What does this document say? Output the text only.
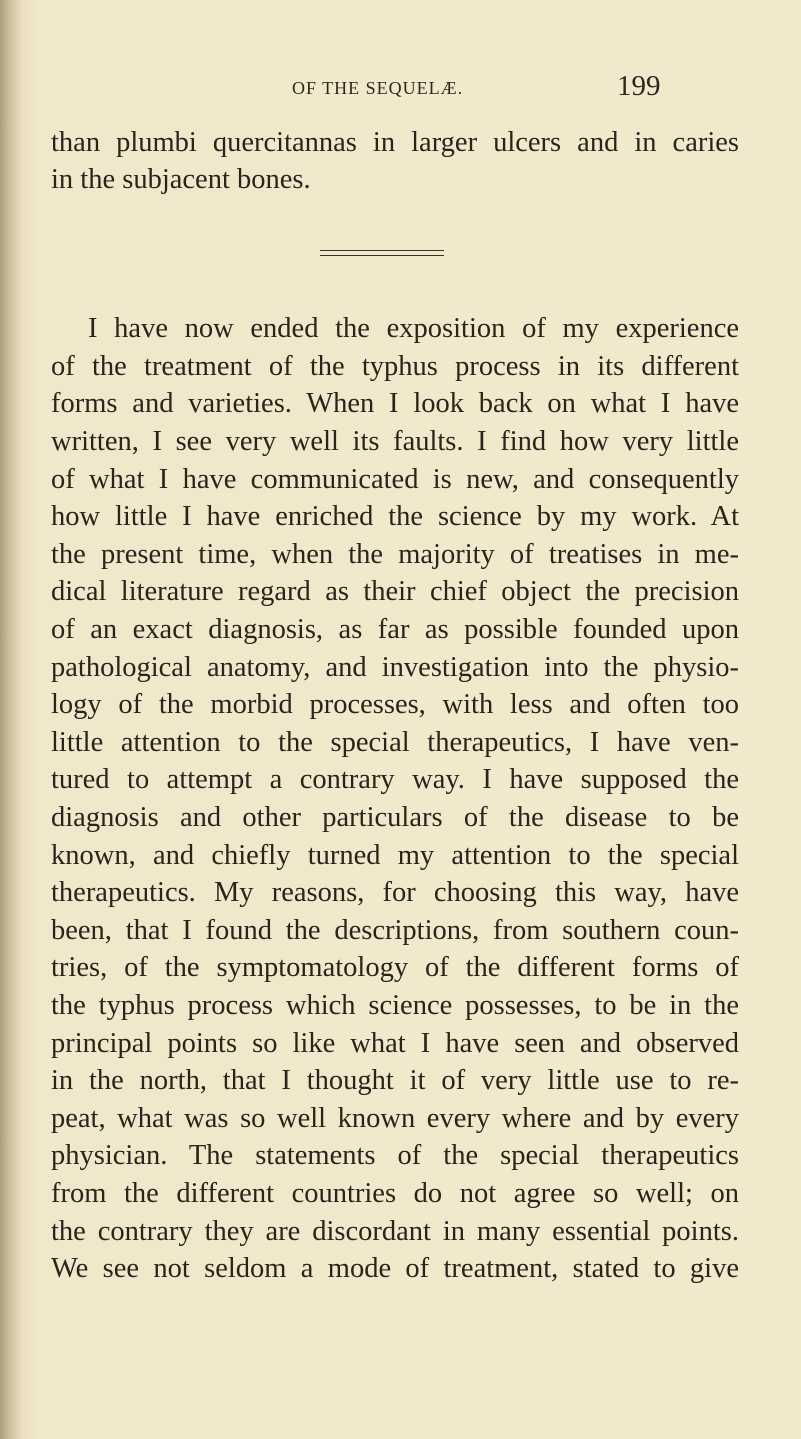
OF THE SEQUELÆ.	199
than plumbi quercitannas in larger ulcers and in caries
in the subjacent bones.
I have now ended the exposition of my experience
of the treatment of the typhus process in its different
forms and varieties. When I look back on what I have
written, I see very well its faults. I find how very little
of what I have communicated is new, and consequently
how little I have enriched the science by my work. At
the present time, when the majority of treatises in me-
dical literature regard as their chief object the precision
of an exact diagnosis, as far as possible founded upon
pathological anatomy, and investigation into the physio-
logy of the morbid processes, with less and often too
little attention to the special therapeutics, I have ven-
tured to attempt a contrary way. I have supposed the
diagnosis and other particulars of the disease to be
known, and chiefly turned my attention to the special
therapeutics. My reasons, for choosing this way, have
been, that I found the descriptions, from southern coun-
tries, of the symptomatology of the different forms of
the typhus process which science possesses, to be in the
principal points so like what I have seen and observed
in the north, that I thought it of very little use to re-
peat, what was so well known every where and by every
physician. The statements of the special therapeutics
from the different countries do not agree so well; on
the contrary they are discordant in many essential points.
We see not seldom a mode of treatment, stated to give
